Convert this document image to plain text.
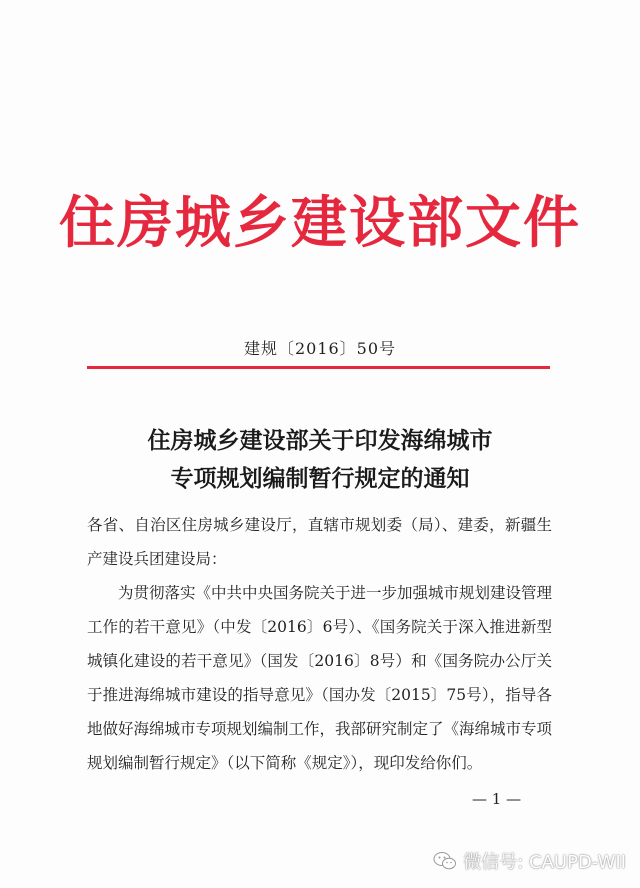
住房城乡建设部文件
建规〔2016〕50号
住房城乡建设部关于印发海绵城市
专项规划编制暂行规定的通知

各省、自治区住房城乡建设厅，直辖市规划委（局）、建委，新疆生产建设兵团建设局：

为贯彻落实《中共中央国务院关于进一步加强城市规划建设管理工作的若干意见》（中发〔2016〕6号）、《国务院关于深入推进新型城镇化建设的若干意见》（国发〔2016〕8号）和《国务院办公厅关于推进海绵城市建设的指导意见》（国办发〔2015〕75号），指导各地做好海绵城市专项规划编制工作，我部研究制定了《海绵城市专项规划编制暂行规定》（以下简称《规定》），现印发给你们。

— 1 —
微信号: CAUPD-WII
